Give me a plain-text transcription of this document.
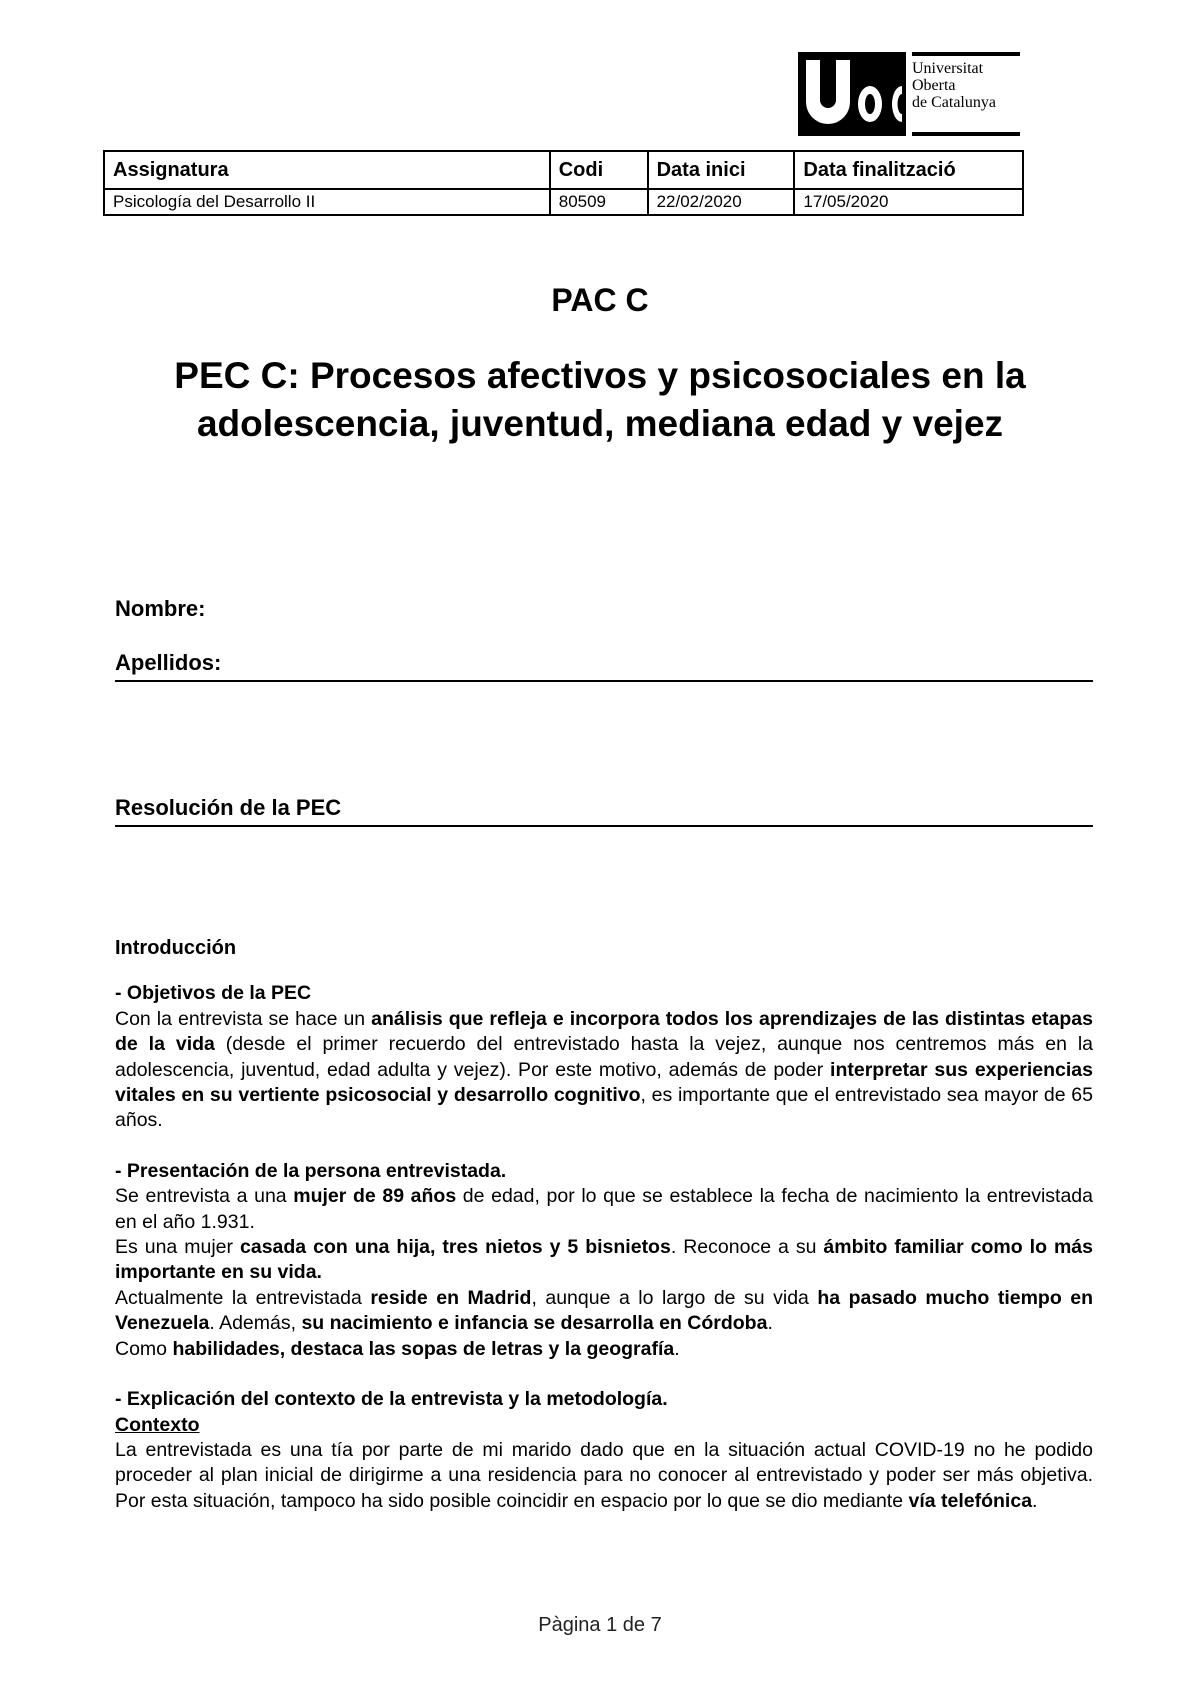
Universitat
Oberta
de Catalunya
Assignatura	Codi	Data inici	Data finalització
Psicología del Desarrollo II	80509	22/02/2020	17/05/2020
PAC C
PEC C: Procesos afectivos y psicosociales en la adolescencia, juventud, mediana edad y vejez
Nombre:
Apellidos:
Resolución de la PEC

Introducción

- Objetivos de la PEC

Con la entrevista se hace un análisis que refleja e incorpora todos los aprendizajes de las distintas etapas de la vida (desde el primer recuerdo del entrevistado hasta la vejez, aunque nos centremos más en la adolescencia, juventud, edad adulta y vejez). Por este motivo, además de poder interpretar sus experiencias vitales en su vertiente psicosocial y desarrollo cognitivo, es importante que el entrevistado sea mayor de 65 años.

- Presentación de la persona entrevistada.

Se entrevista a una mujer de 89 años de edad, por lo que se establece la fecha de nacimiento la entrevistada en el año 1.931.

Es una mujer casada con una hija, tres nietos y 5 bisnietos. Reconoce a su ámbito familiar como lo más importante en su vida.

Actualmente la entrevistada reside en Madrid, aunque a lo largo de su vida ha pasado mucho tiempo en Venezuela. Además, su nacimiento e infancia se desarrolla en Córdoba.

Como habilidades, destaca las sopas de letras y la geografía.

- Explicación del contexto de la entrevista y la metodología.

Contexto

La entrevistada es una tía por parte de mi marido dado que en la situación actual COVID-19 no he podido proceder al plan inicial de dirigirme a una residencia para no conocer al entrevistado y poder ser más objetiva. Por esta situación, tampoco ha sido posible coincidir en espacio por lo que se dio mediante vía telefónica.

Pàgina 1 de 7
